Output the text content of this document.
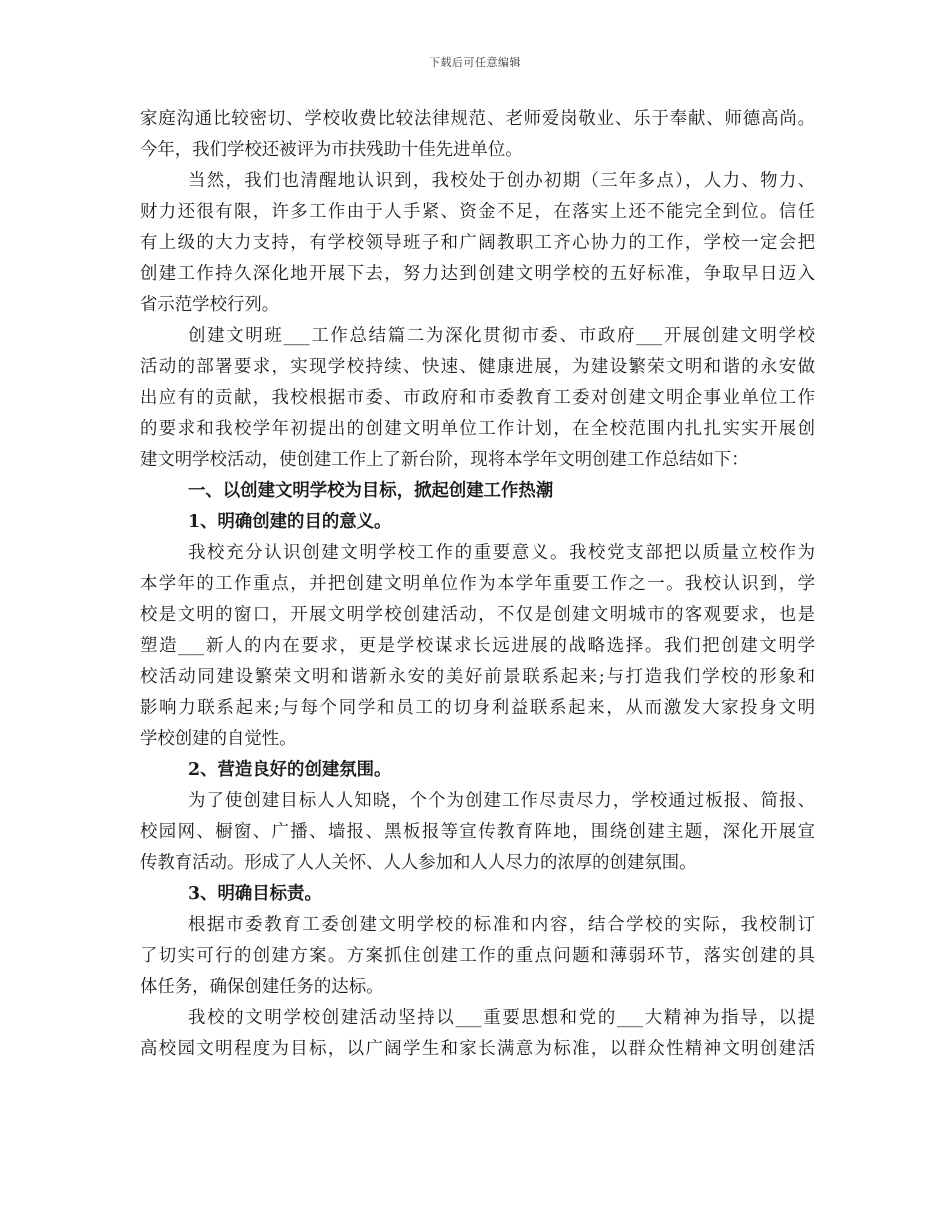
下载后可任意编辑
家庭沟通比较密切、学校收费比较法律规范、老师爱岗敬业、乐于奉献、师德高尚。
今年，我们学校还被评为市扶残助十佳先进单位。
当然，我们也清醒地认识到，我校处于创办初期（三年多点），人力、物力、
财力还很有限，许多工作由于人手紧、资金不足，在落实上还不能完全到位。信任
有上级的大力支持，有学校领导班子和广阔教职工齐心协力的工作，学校一定会把
创建工作持久深化地开展下去，努力达到创建文明学校的五好标准，争取早日迈入
省示范学校行列。
创建文明班___工作总结篇二为深化贯彻市委、市政府___开展创建文明学校
活动的部署要求，实现学校持续、快速、健康进展，为建设繁荣文明和谐的永安做
出应有的贡献，我校根据市委、市政府和市委教育工委对创建文明企事业单位工作
的要求和我校学年初提出的创建文明单位工作计划，在全校范围内扎扎实实开展创
建文明学校活动，使创建工作上了新台阶，现将本学年文明创建工作总结如下：
一、以创建文明学校为目标，掀起创建工作热潮
1、明确创建的目的意义。
我校充分认识创建文明学校工作的重要意义。我校党支部把以质量立校作为
本学年的工作重点，并把创建文明单位作为本学年重要工作之一。我校认识到，学
校是文明的窗口，开展文明学校创建活动，不仅是创建文明城市的客观要求，也是
塑造___新人的内在要求，更是学校谋求长远进展的战略选择。我们把创建文明学
校活动同建设繁荣文明和谐新永安的美好前景联系起来;与打造我们学校的形象和
影响力联系起来;与每个同学和员工的切身利益联系起来，从而激发大家投身文明
学校创建的自觉性。
2、营造良好的创建氛围。
为了使创建目标人人知晓，个个为创建工作尽责尽力，学校通过板报、简报、
校园网、橱窗、广播、墙报、黑板报等宣传教育阵地，围绕创建主题，深化开展宣
传教育活动。形成了人人关怀、人人参加和人人尽力的浓厚的创建氛围。
3、明确目标责。
根据市委教育工委创建文明学校的标准和内容，结合学校的实际，我校制订
了切实可行的创建方案。方案抓住创建工作的重点问题和薄弱环节，落实创建的具
体任务，确保创建任务的达标。
我校的文明学校创建活动坚持以___重要思想和党的___大精神为指导，以提
高校园文明程度为目标，以广阔学生和家长满意为标准，以群众性精神文明创建活
